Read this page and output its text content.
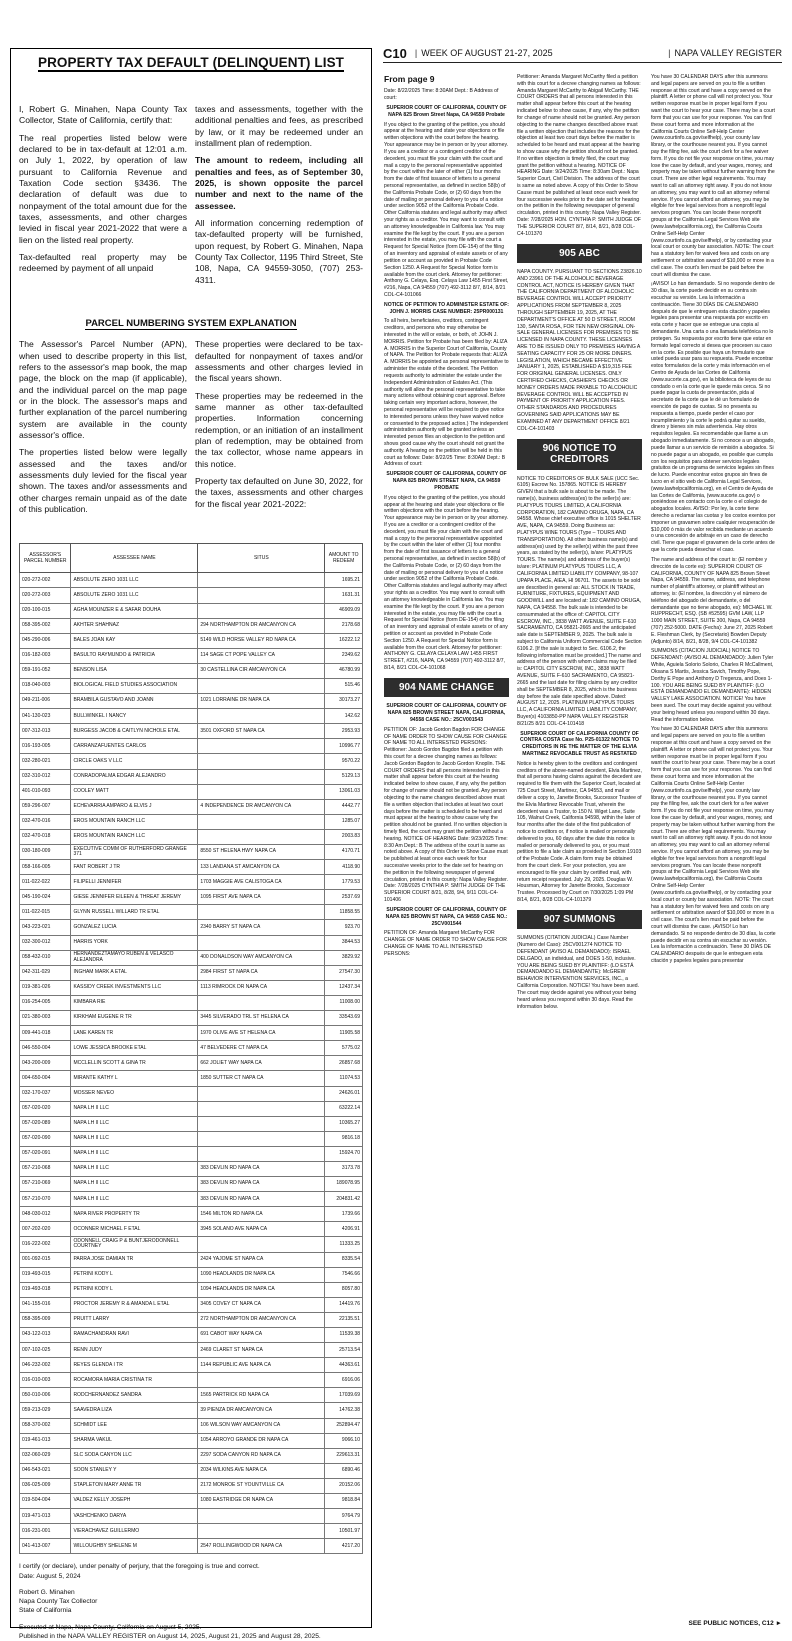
PROPERTY TAX DEFAULT (DELINQUENT) LIST

I, Robert G. Minahen, Napa County Tax Collector, State of California, certify that:

The real properties listed below were declared to be in tax-default at 12:01 a.m. on July 1, 2022, by operation of law pursuant to California Revenue and Taxation Code section §3436. The declaration of default was due to nonpayment of the total amount due for the taxes, assessments, and other charges levied in fiscal year 2021-2022 that were a lien on the listed real property.

Tax-defaulted real property may be redeemed by payment of all unpaid

taxes and assessments, together with the additional penalties and fees, as prescribed by law, or it may be redeemed under an installment plan of redemption.

The amount to redeem, including all penalties and fees, as of September 30, 2025, is shown opposite the parcel number and next to the name of the assessee.

All information concerning redemption of tax-defaulted property will be furnished, upon request, by Robert G. Minahen, Napa County Tax Collector, 1195 Third Street, Ste 108, Napa, CA 94559-3050, (707) 253-4311.

PARCEL NUMBERING SYSTEM EXPLANATION

The Assessor's Parcel Number (APN), when used to describe property in this list, refers to the assessor's map book, the map page, the block on the map (if applicable), and the individual parcel on the map page or in the block. The assessor's maps and further explanation of the parcel numbering system are available in the county assessor's office.

The properties listed below were legally assessed and the taxes and/or assessments duly levied for the fiscal year shown. The taxes and/or assessments and other charges remain unpaid as of the date of this publication.

These properties were declared to be tax-defaulted for nonpayment of taxes and/or assessments and other charges levied in the fiscal years shown.

These properties may be redeemed in the same manner as other tax-defaulted properties. Information concerning redemption, or an initiation of an installment plan of redemption, may be obtained from the tax collector, whose name appears in this notice.

Property tax defaulted on June 30, 2022, for the taxes, assessments and other charges for the fiscal year 2021-2022:

ASSESSOR'S PARCEL NUMBER	ASSESSEE NAME	SITUS	AMOUNT TO REDEEM
020-272-002	ABSOLUTE ZERO 1031 LLC		1695.21
020-272-003	ABSOLUTE ZERO 1031 LLC		1631.31
020-100-015	AGHA MOUNZER E & SAFAR DOUHA		46909.09
058-395-002	AKHTER SHAHNAZ	294 NORTHAMPTON DR AMCANYON CA	2178.68
045-290-006	BALES JOAN KAY	5149 WILD HORSE VALLEY RD NAPA CA	16222.12
016-182-003	BASULTO RAYMUNDO & PATRICIA	114 SAGE CT POPE VALLEY CA	2349.62
059-191-052	BENSON LISA	30 CASTELLINA CIR AMCANYON CA	46780.99
018-040-003	BIOLOGICAL FIELD STUDIES ASSOCIATION		515.46
049-211-006	BRAMBILA GUSTAVO AND JOANN	1021 LORRAINE DR NAPA CA	30173.27
041-130-023	BULLWINKEL I NANCY		142.62
007-312-013	BURGESS JACOB & CAITLYN NICHOLE ETAL	3501 OXFORD ST NAPA CA	2953.93
016-193-005	CARRANZAFUENTES CARLOS		10996.77
032-280-021	CIRCLE OAKS V LLC		9570.22
032-310-012	CONRADOPALMA EDGAR ALEJANDRO		5129.13
401-010-093	COOLEY MATT		13061.03
059-296-007	ECHEVARRIA AMPARO & ELVIS J	4 INDEPENDENCE DR AMCANYON CA	4442.77
032-470-016	EROS MOUNTAIN RANCH LLC		1285.07
032-470-018	EROS MOUNTAIN RANCH LLC		2003.83
030-180-009	EXECUTIVE COMM OF RUTHERFORD GRANGE 371	8550 ST HELENA HWY NAPA CA	4170.71
058-166-005	FANT ROBERT J TR	133 LANDANA ST AMCANYON CA	4118.90
011-022-022	FILIPELLI JENNIFER	1703 MAGGIE AVE CALISTOGA CA	1779.53
045-190-024	GIESE JENNIFER EILEEN & THREAT JEREMY	1095 FIRST AVE NAPA CA	2537.69
011-022-015	GLYNN RUSSELL WILLARD TR ETAL		11858.55
043-223-021	GONZALEZ LUCIA	2340 BARRY ST NAPA CA	923.70
032-300-012	HARRIS YORK		3844.53
058-432-010	HERNANDEZTAMAYO RUBEN & VELASCO ALEJANDRA	400 DONALDSON WAY AMCANYON CA	3829.92
042-311-029	INGHAM MARK A ETAL	2984 FIRST ST NAPA CA	27547.30
019-381-026	KASSIDY CREEK INVESTMENTS LLC	1113 RIMROCK DR NAPA CA	12437.34
016-254-005	KIMBARA RIE		11008.00
021-380-003	KIRKHAM EUGENE R TR	3445 SILVERADO TRL ST HELENA CA	33543.69
009-441-018	LANE KAREN TR	1970 OLIVE AVE ST HELENA CA	11905.58
046-550-004	LOWE JESSICA BROOKE ETAL	47 BELVEDERE CT NAPA CA	5775.02
043-200-009	MCCLELLIN SCOTT & GINA TR	662 JOLIET WAY NAPA CA	26857.68
004-650-004	MIRANTE KATHY L	1850 SUTTER CT NAPA CA	11074.53
032-170-037	MOSSER NEVEO		24626.01
057-020-020	NAPA LH II LLC		63222.14
057-020-089	NAPA LH II LLC		10365.27
057-020-090	NAPA LH II LLC		9816.18
057-020-091	NAPA LH II LLC		15924.70
057-210-068	NAPA LH II LLC	383 DEVLIN RD NAPA CA	3173.78
057-210-069	NAPA LH II LLC	383 DEVLIN RD NAPA CA	189078.95
057-210-070	NAPA LH II LLC	383 DEVLIN RD NAPA CA	204831.42
048-030-012	NAPA RIVER PROPERTY TR	1546 MILTON RD NAPA CA	1739.66
007-202-020	OCONNER MICHAEL F ETAL	3945 SOLANO AVE NAPA CA	4206.91
016-222-002	ODONNELL CRAIG P & BUNTJERODONNELL COURTNEY		11333.25
001-092-015	PARRA JOSE DAMIAN TR	2424 YAJOME ST NAPA CA	8335.54
019-493-015	PETRINI KODY L	1090 HEADLANDS DR NAPA CA	7546.66
019-493-018	PETRINI KODY L	1094 HEADLANDS DR NAPA CA	8057.80
041-155-016	PROCTOR JEREMY R & AMANDA L ETAL	3405 COVEY CT NAPA CA	14419.76
058-395-009	PRUITT LARRY	272 NORTHAMPTON DR AMCANYON CA	22135.51
043-122-013	RAMACHANDRAN RAVI	691 CABOT WAY NAPA CA	11539.38
007-102-025	RENN JUDY	2469 CLARET ST NAPA CA	25713.54
046-232-002	REYES GLENDA I TR	1144 REPUBLIC AVE NAPA CA	44363.61
016-010-003	ROCAMORA MARIA CRISTINA TR		6916.06
050-010-006	RODCHERNANDEZ SANDRA	1565 PARTRICK RD NAPA CA	17039.69
059-213-029	SAAVEDRA LIZA	39 PIENZA DR AMCANYON CA	14762.38
058-370-002	SCHMIDT LEE	106 WILSON WAY AMCANYON CA	252894.47
019-461-013	SHARMA VAKUL	1054 ARROYO GRANDE DR NAPA CA	9066.10
032-060-029	SLC SODA CANYON LLC	2297 SODA CANYON RD NAPA CA	229613.31
046-543-021	SOON STANLEY Y	2034 WILKINS AVE NAPA CA	6890.46
036-025-009	STAPLETON MARY ANNE TR	2172 MONROE ST YOUNTVILLE CA	20152.06
019-504-004	VALDEZ KELLY JOSEPH	1080 EASTRIDGE DR NAPA CA	9818.84
019-471-013	VASHCHENKO DARYA		9764.79
016-231-001	VIERACHAVEZ GUILLERMO		10501.97
041-413-007	WILLOUGHBY SHELENE M	2547 ROLLINGWOOD DR NAPA CA	4217.20

I certify (or declare), under penalty of perjury, that the foregoing is true and correct.
Date: August 5, 2024

Robert G. Minahen
Napa County Tax Collector
State of California

Executed at Napa, Napa County, California on August 5, 2025.
Published in the NAPA VALLEY REGISTER on August 14, 2025, August 21, 2025 and August 28, 2025.

C10 | WEEK OF AUGUST 21-27, 2025	| NAPA VALLEY REGISTER
From page 9

Date: 8/22/2025 Time: 8:30AM Dept.: B Address of court:

SUPERIOR COURT OF CALIFORNIA, COUNTY OF NAPA 825 Brown Street Napa, CA 94559 Probate

If you object to the granting of the petition, you should appear at the hearing and state your objections or file written objections with the court before the hearing. Your appearance may be in person or by your attorney. If you are a creditor or a contingent creditor of the decedent, you must file your claim with the court and mail a copy to the personal representative appointed by the court within the later of either (1) four months from the date of first issuance of letters to a general personal representative, as defined in section 58(b) of the California Probate Code, or (2) 60 days from the date of mailing or personal delivery to you of a notice under section 9052 of the California Probate Code. Other California statutes and legal authority may affect your rights as a creditor. You may want to consult with an attorney knowledgeable in California law. You may examine the file kept by the court. If you are a person interested in the estate, you may file with the court a Request for Special Notice (form DE-154) of the filing of an inventory and appraisal of estate assets or of any petition or account as provided in Probate Code Section 1250. A Request for Special Notice form is available from the court clerk. Attorney for petitioner: Anthony G. Celaya, Esq. Celaya Law 1455 First Street, #216, Napa, CA 94559 (707) 492-3112 8/7, 8/14, 8/21 COL-C4-101066

NOTICE OF PETITION TO ADMINISTER ESTATE OF: JOHN J. MORRIS CASE NUMBER: 25PR000131

To all heirs, beneficiaries, creditors, contingent creditors, and persons who may otherwise be interested in the will or estate, or both, of: JOHN J. MORRIS. Petition for Probate has been filed by: ALIZA A. MORRIS in the Superior Court of California, County of NAPA. The Petition for Probate requests that: ALIZA A. MORRIS be appointed as personal representative to administer the estate of the decedent. The Petition requests authority to administer the estate under the Independent Administration of Estates Act. (This authority will allow the personal representative to take many actions without obtaining court approval. Before taking certain very important actions, however, the personal representative will be required to give notice to interested persons unless they have waived notice or consented to the proposed action.) The independent administration authority will be granted unless an interested person files an objection to the petition and shows good cause why the court should not grant the authority. A hearing on the petition will be held in this court as follows: Date: 8/22/25 Time: 8:30AM Dept.: B Address of court:

SUPERIOR COURT OF CALIFORNIA, COUNTY OF NAPA 825 BROWN STREET NAPA, CA 94559 PROBATE

If you object to the granting of the petition, you should appear at the hearing and state your objections or file written objections with the court before the hearing. Your appearance may be in person or by your attorney. If you are a creditor or a contingent creditor of the decedent, you must file your claim with the court and mail a copy to the personal representative appointed by the court within the later of either (1) four months from the date of first issuance of letters to a general personal representative, as defined in section 58(b) of the California Probate Code, or (2) 60 days from the date of mailing or personal delivery to you of a notice under section 9052 of the California Probate Code. Other California statutes and legal authority may affect your rights as a creditor. You may want to consult with an attorney knowledgeable in California law. You may examine the file kept by the court. If you are a person interested in the estate, you may file with the court a Request for Special Notice (form DE-154) of the filing of an inventory and appraisal of estate assets or of any petition or account as provided in Probate Code Section 1250. A Request for Special Notice form is available from the court clerk. Attorney for petitioner: ANTHONY G. CELAYA CELAYA LAW 1455 FIRST STREET, #216, NAPA, CA 94559 (707) 492-3112 8/7, 8/14, 8/21 COL-C4-101068

904 NAME CHANGE

SUPERIOR COURT OF CALIFORNIA, COUNTY OF NAPA 825 BROWN STREET NAPA, CALIFORNIA, 94558 CASE NO.: 25CV001543

PETITION OF: Jacob Gordon Bagdon FOR CHANGE OF NAME ORDER TO SHOW CAUSE FOR CHANGE OF NAME TO ALL INTERESTED PERSONS: Petitioner: Jacob Gordon Bagdon filed a petition with this court for a decree changing names as follows: Jacob Gordon Bagdon to Jacob Gordon Knoplin. THE COURT ORDERS that all persons interested in this matter shall appear before this court at the hearing indicated below to show cause, if any, why the petition for change of name should not be granted. Any person objecting to the name changes described above must file a written objection that includes at least two court days before the matter is scheduled to be heard and must appear at the hearing to show cause why the petition should not be granted. If no written objection is timely filed, the court may grant the petition without a hearing. NOTICE OF HEARING Date: 9/23/2025 Time: 8:30 Am Dept.: B The address of the court is same as noted above. A copy of this Order to Show Cause must be published at least once each week for four successive weeks prior to the date set for hearing on the petition in the following newspaper of general circulation, printed in this county: Napa Valley Register. Date: 7/28/2025 CYNTHIA P. SMITH JUDGE OF THE SUPERIOR COURT 8/21, 8/28, 9/4, 9/11 COL-C4-101406

SUPERIOR COURT OF CALIFORNIA, COUNTY OF NAPA 825 BROWN ST NAPA, CA 94559 CASE NO.: 25CV001544

PETITION OF: Amanda Margaret McCarthy FOR CHANGE OF NAME ORDER TO SHOW CAUSE FOR CHANGE OF NAME TO ALL INTERESTED PERSONS:

Petitioner: Amanda Margaret McCarthy filed a petition with this court for a decree changing names as follows: Amanda Margaret McCarthy to Abigail McCarthy. THE COURT ORDERS that all persons interested in this matter shall appear before this court at the hearing indicated below to show cause, if any, why the petition for change of name should not be granted. Any person objecting to the name changes described above must file a written objection that includes the reasons for the objection at least two court days before the matter is scheduled to be heard and must appear at the hearing to show cause why the petition should not be granted. If no written objection is timely filed, the court may grant the petition without a hearing. NOTICE OF HEARING Date: 9/24/2025 Time: 8:30am Dept.: Napa Superior Court, Civil Division. The address of the court is same as noted above. A copy of this Order to Show Cause must be published at least once each week for four successive weeks prior to the date set for hearing on the petition in the following newspaper of general circulation, printed in this county: Napa Valley Register. Date: 7/28/2025 HON. CYNTHIA P. SMITH JUDGE OF THE SUPERIOR COURT 8/7, 8/14, 8/21, 8/28 COL-C4-101370

905 ABC

NAPA COUNTY. PURSUANT TO SECTIONS 23826.10 AND 23961 OF THE ALCOHOLIC BEVERAGE CONTROL ACT, NOTICE IS HEREBY GIVEN THAT THE CALIFORNIA DEPARTMENT OF ALCOHOLIC BEVERAGE CONTROL WILL ACCEPT PRIORITY APPLICATIONS FROM SEPTEMBER 8, 2025 THROUGH SEPTEMBER 19, 2025, AT THE DEPARTMENT'S OFFICE AT 50 D STREET, ROOM 130, SANTA ROSA, FOR TEN NEW ORIGINAL ON-SALE GENERAL LICENSES FOR PREMISES TO BE LICENSED IN NAPA COUNTY. THESE LICENSES ARE TO BE ISSUED ONLY TO PREMISES HAVING A SEATING CAPACITY FOR 25 OR MORE DINERS. LEGISLATION, WHICH BECAME EFFECTIVE JANUARY 1, 2025, ESTABLISHED A $19,315 FEE FOR ORIGINAL GENERAL LICENSES. ONLY CERTIFIED CHECKS, CASHIER'S CHECKS OR MONEY ORDERS MADE PAYABLE TO ALCOHOLIC BEVERAGE CONTROL WILL BE ACCEPTED IN PAYMENT OF PRIORITY APPLICATION FEES. OTHER STANDARDS AND PROCEDURES GOVERNING SAID APPLICATIONS MAY BE EXAMINED AT ANY DEPARTMENT OFFICE 8/21 COL-C4-101403

906 NOTICE TO CREDITORS

NOTICE TO CREDITORS OF BULK SALE (UCC Sec. 6105) Escrow No. 157865. NOTICE IS HEREBY GIVEN that a bulk sale is about to be made. The name(s), business address(es) to the seller(s) are: PLATYPUS TOURS LIMITED, A CALIFORNIA CORPORATION, 182 CAMINO ORUGA, NAPA, CA 94558. Whose chief executive office is 1015 SHELTER AVE, NAPA, CA 94559. Doing Business as: PLATYPUS WINE TOURS (Type – TOURS AND TRANSPORTATION). All other business name(s) and address(es) used by the seller(s) within the past three years, as stated by the seller(s), is/are: PLATYPUS TOURS. The name(s) and address of the buyer(s) is/are: PLATINUM PLATYPUS TOURS LLC, A CALIFORNIA LIMITED LIABILITY COMPANY, 98-107 UPAPA PLACE, AIEA, HI 96701. The assets to be sold are described in general as: ALL STOCK IN TRADE, FURNITURE, FIXTURES, EQUIPMENT AND GOODWILL and are located at: 182 CAMINO ORUGA, NAPA, CA 94558. The bulk sale is intended to be consummated at the office of: CAPITOL CITY ESCROW, INC., 3838 WATT AVENUE, SUITE F-610 SACRAMENTO, CA 95821-2665 and the anticipated sale date is SEPTEMBER 9, 2025. The bulk sale is subject to California Uniform Commercial Code Section 6106.2. [If the sale is subject to Sec. 6106.2, the following information must be provided.] The name and address of the person with whom claims may be filed is: CAPITOL CITY ESCROW, INC., 3838 WATT AVENUE, SUITE F-610 SACRAMENTO, CA 95821-2665 and the last date for filing claims by any creditor shall be SEPTEMBER 8, 2025, which is the business day before the sale date specified above. Dated: AUGUST 12, 2025. PLATINUM PLATYPUS TOURS LLC, A CALIFORNIA LIMITED LIABILITY COMPANY, Buyer(s) 4103850-PP NAPA VALLEY REGISTER 8/21/25 8/21 COL-C4-101418

SUPERIOR COURT OF CALIFORNIA COUNTY OF CONTRA COSTA Case No. P25-01322 NOTICE TO CREDITORS IN RE THE MATTER OF THE ELVIA MARTINEZ REVOCABLE TRUST AS RESTATED

Notice is hereby given to the creditors and contingent creditors of the above-named decedent, Elvia Martinez, that all persons having claims against the decedent are required to file them with the Superior Court, located at 725 Court Street, Martinez, CA 94553, and mail or deliver a copy to, Janette Brooks, Successor Trustee of the Elvia Martinez Revocable Trust, wherein the decedent was a Trustor, to 150 N. Wiget Lane, Suite 105, Walnut Creek, California 94598, within the later of four months after the date of the first publication of notice to creditors or, if notice is mailed or personally delivered to you, 60 days after the date this notice is mailed or personally delivered to you, or you must petition to file a late claim as provided in Section 19103 of the Probate Code. A claim form may be obtained from the court clerk. For your protection, you are encouraged to file your claim by certified mail, with return receipt requested. July 29, 2025. Douglas W. Housman, Attorney for Janette Brooks, Successor Trustee. Processed by Court on 7/30/2025 1:09 PM 8/14, 8/21, 8/28 COL-C4-101379

907 SUMMONS

SUMMONS (CITATION JUDICIAL) Case Number (Numero del Caso): 25CV001274 NOTICE TO DEFENDANT (AVISO AL DEMANDADO): ISRAEL DELGADO, an individual, and DOES 1-50, inclusive. YOU ARE BEING SUED BY PLAINTIFF: (LO ESTÁ DEMANDANDO EL DEMANDANTE): McGREW BEHAVIOR INTERVENTION SERVICES, INC., a California Corporation. NOTICE! You have been sued. The court may decide against you without your being heard unless you respond within 30 days. Read the information below.

You have 30 CALENDAR DAYS after this summons and legal papers are served on you to file a written response at this court and have a copy served on the plaintiff. A letter or phone call will not protect you. Your written response must be in proper legal form if you want the court to hear your case. There may be a court form that you can use for your response. You can find these court forms and more information at the California Courts Online Self-Help Center (www.courtinfo.ca.gov/selfhelp), your county law library, or the courthouse nearest you. If you cannot pay the filing fee, ask the court clerk for a fee waiver form. If you do not file your response on time, you may lose the case by default, and your wages, money, and property may be taken without further warning from the court. There are other legal requirements. You may want to call an attorney right away. If you do not know an attorney, you may want to call an attorney referral service. If you cannot afford an attorney, you may be eligible for free legal services from a nonprofit legal services program. You can locate these nonprofit groups at the California Legal Services Web site (www.lawhelpcalifornia.org), the California Courts Online Self-Help Center (www.courtinfo.ca.gov/selfhelp), or by contacting your local court or county bar association. NOTE: The court has a statutory lien for waived fees and costs on any settlement or arbitration award of $10,000 or more in a civil case. The court's lien must be paid before the court will dismiss the case.

¡AVISO! Lo han demandado. Si no responde dentro de 30 días, la corte puede decidir en su contra sin escuchar su versión. Lea la información a continuación. Tiene 30 DÍAS DE CALENDARIO después de que le entreguen esta citación y papeles legales para presentar una respuesta por escrito en esta corte y hacer que se entregue una copia al demandante. Una carta o una llamada telefónica no lo protegen. Su respuesta por escrito tiene que estar en formato legal correcto si desea que procesen su caso en la corte. Es posible que haya un formulario que usted pueda usar para su respuesta. Puede encontrar estos formularios de la corte y más información en el Centro de Ayuda de las Cortes de California (www.sucorte.ca.gov), en la biblioteca de leyes de su condado o en la corte que le quede más cerca. Si no puede pagar la cuota de presentación, pida al secretario de la corte que le dé un formulario de exención de pago de cuotas. Si no presenta su respuesta a tiempo, puede perder el caso por incumplimiento y la corte le podrá quitar su sueldo, dinero y bienes sin más advertencia. Hay otros requisitos legales. Es recomendable que llame a un abogado inmediatamente. Si no conoce a un abogado, puede llamar a un servicio de remisión a abogados. Si no puede pagar a un abogado, es posible que cumpla con los requisitos para obtener servicios legales gratuitos de un programa de servicios legales sin fines de lucro. Puede encontrar estos grupos sin fines de lucro en el sitio web de California Legal Services, (www.lawhelpcalifornia.org), en el Centro de Ayuda de las Cortes de California, (www.sucorte.ca.gov) o poniéndose en contacto con la corte o el colegio de abogados locales. AVISO: Por ley, la corte tiene derecho a reclamar las cuotas y los costos exentos por imponer un gravamen sobre cualquier recuperación de $10,000 ó más de valor recibida mediante un acuerdo o una concesión de arbitraje en un caso de derecho civil. Tiene que pagar el gravamen de la corte antes de que la corte pueda desechar el caso.

The name and address of the court is: (El nombre y dirección de la corte es): SUPERIOR COURT OF CALIFORNIA, COUNTY OF NAPA 825 Brown Street Napa, CA 94559. The name, address, and telephone number of plaintiff's attorney, or plaintiff without an attorney, is: (El nombre, la dirección y el número de teléfono del abogado del demandante, o del demandante que no tiene abogado, es): MICHAEL W. RUPPRECHT, ESQ. (SB #52595) GVM LAW, LLP 1000 MAIN STREET, SUITE 300, Napa, CA 94559 (707) 252-5000. DATE (Fecha): June 27, 2025 Robert E. Fleshman Clerk, by (Secretario) Bowden Deputy (Adjunto) 8/14, 8/21, 8/28, 9/4 COL-C4-101382

SUMMONS (CITACION JUDICIAL) NOTICE TO DEFENDANT: (AVISO AL DEMANDADO): Julien Tyler White, Aguiela Solorio Solorio, Charles R McCallment, Oksana S Martis, Jessica Savich, Timothy Pope, Dorthy E Pope and Anthony D Tregenza, and Does 1-100. YOU ARE BEING SUED BY PLAINTIFF: (LO ESTÁ DEMANDANDO EL DEMANDANTE): HIDDEN VALLEY LAKE ASSOCIATION. NOTICE! You have been sued. The court may decide against you without your being heard unless you respond within 30 days. Read the information below.

You have 30 CALENDAR DAYS after this summons and legal papers are served on you to file a written response at this court and have a copy served on the plaintiff. A letter or phone call will not protect you. Your written response must be in proper legal form if you want the court to hear your case. There may be a court form that you can use for your response. You can find these court forms and more information at the California Courts Online Self-Help Center (www.courtinfo.ca.gov/selfhelp), your county law library, or the courthouse nearest you. If you cannot pay the filing fee, ask the court clerk for a fee waiver form. If you do not file your response on time, you may lose the case by default, and your wages, money, and property may be taken without further warning from the court. There are other legal requirements. You may want to call an attorney right away. If you do not know an attorney, you may want to call an attorney referral service. If you cannot afford an attorney, you may be eligible for free legal services from a nonprofit legal services program. You can locate these nonprofit groups at the California Legal Services Web site (www.lawhelpcalifornia.org), the California Courts Online Self-Help Center (www.courtinfo.ca.gov/selfhelp), or by contacting your local court or county bar association. NOTE: The court has a statutory lien for waived fees and costs on any settlement or arbitration award of $10,000 or more in a civil case. The court's lien must be paid before the court will dismiss the case. ¡AVISO! Lo han demandado. Si no responde dentro de 30 días, la corte puede decidir en su contra sin escuchar su versión. Lea la información a continuación. Tiene 30 DÍAS DE CALENDARIO después de que le entreguen esta citación y papeles legales para presentar

SEE PUBLIC NOTICES, C12 ►
